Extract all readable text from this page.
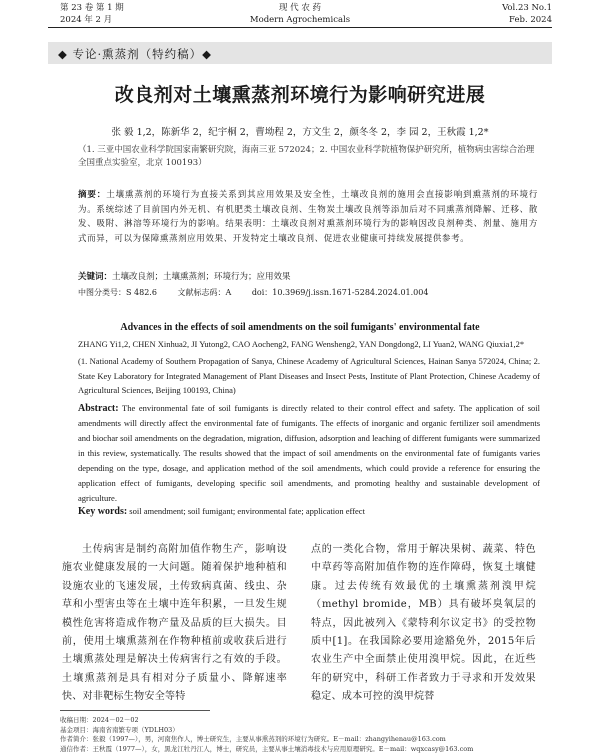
第 23 卷 第 1 期
2024 年 2 月
现 代 农 药
Modern Agrochemicals
Vol.23 No.1
Feb. 2024
◆ 专论·熏蒸剂（特约稿）◆
改良剂对土壤熏蒸剂环境行为影响研究进展
张 毅 1,2，陈新华 2，纪宇桐 2，曹坳程 2，方文生 2，颜冬冬 2，李 园 2，王秋霞 1,2*
（1. 三亚中国农业科学院国家南繁研究院，海南三亚 572024；2. 中国农业科学院植物保护研究所，植物病虫害综合治理全国重点实验室，北京 100193）
摘要：土壤熏蒸剂的环境行为直接关系到其应用效果及安全性，土壤改良剂的施用会直接影响到熏蒸剂的环境行为。系统综述了目前国内外无机、有机肥类土壤改良剂、生物炭土壤改良剂等添加后对不同熏蒸剂降解、迁移、散发、吸附、淋溶等环境行为的影响。结果表明：土壤改良剂对熏蒸剂环境行为的影响因改良剂种类、剂量、施用方式而异，可以为保障熏蒸剂应用效果、开发特定土壤改良剂、促进农业健康可持续发展提供参考。
关键词：土壤改良剂；土壤熏蒸剂；环境行为；应用效果
中图分类号：S 482.6	文献标志码：A	doi：10.3969/j.issn.1671-5284.2024.01.004
Advances in the effects of soil amendments on the soil fumigants' environmental fate
ZHANG Yi1,2, CHEN Xinhua2, JI Yutong2, CAO Aocheng2, FANG Wensheng2, YAN Dongdong2, LI Yuan2, WANG Qiuxia1,2*
(1. National Academy of Southern Propagation of Sanya, Chinese Academy of Agricultural Sciences, Hainan Sanya 572024, China; 2. State Key Laboratory for Integrated Management of Plant Diseases and Insect Pests, Institute of Plant Protection, Chinese Academy of Agricultural Sciences, Beijing 100193, China)
Abstract: The environmental fate of soil fumigants is directly related to their control effect and safety. The application of soil amendments will directly affect the environmental fate of fumigants. The effects of inorganic and organic fertilizer soil amendments and biochar soil amendments on the degradation, migration, diffusion, adsorption and leaching of different fumigants were summarized in this review, systematically. The results showed that the impact of soil amendments on the environmental fate of fumigants varies depending on the type, dosage, and application method of the soil amendments, which could provide a reference for ensuring the application effect of fumigants, developing specific soil amendments, and promoting healthy and sustainable development of agriculture.
Key words: soil amendment; soil fumigant; environmental fate; application effect
土传病害是制约高附加值作物生产，影响设施农业健康发展的一大问题。随着保护地种植和设施农业的飞速发展，土传致病真菌、线虫、杂草和小型害虫等在土壤中连年积累，一旦发生规模性危害将造成作物产量及品质的巨大损失。目前，使用土壤熏蒸剂在作物种植前或收获后进行土壤熏蒸处理是解决土传病害行之有效的手段。土壤熏蒸剂是具有相对分子质量小、降解速率快、对非靶标生物安全等特
点的一类化合物，常用于解决果树、蔬菜、特色中草药等高附加值作物的连作障碍，恢复土壤健康。过去传统有效最优的土壤熏蒸剂溴甲烷（methyl bromide，MB）具有破坏臭氧层的特点，因此被列入《蒙特利尔议定书》的受控物质中[1]。在我国除必要用途豁免外，2015年后农业生产中全面禁止使用溴甲烷。因此，在近些年的研究中，科研工作者致力于寻求和开发效果稳定、成本可控的溴甲烷替
收稿日期：2024－02－02
基金项目：海南省南繁专项（YDLH03）
作者简介：张毅（1997—），男，河南焦作人，博士研究生，主要从事熏蒸剂的环境行为研究。E－mail：zhangyihenau@163.com
通信作者：王秋霞（1977—），女，黑龙江牡丹江人，博士，研究员，主要从事土壤消毒技术与应用原理研究。E－mail：wqxcasy@163.com
